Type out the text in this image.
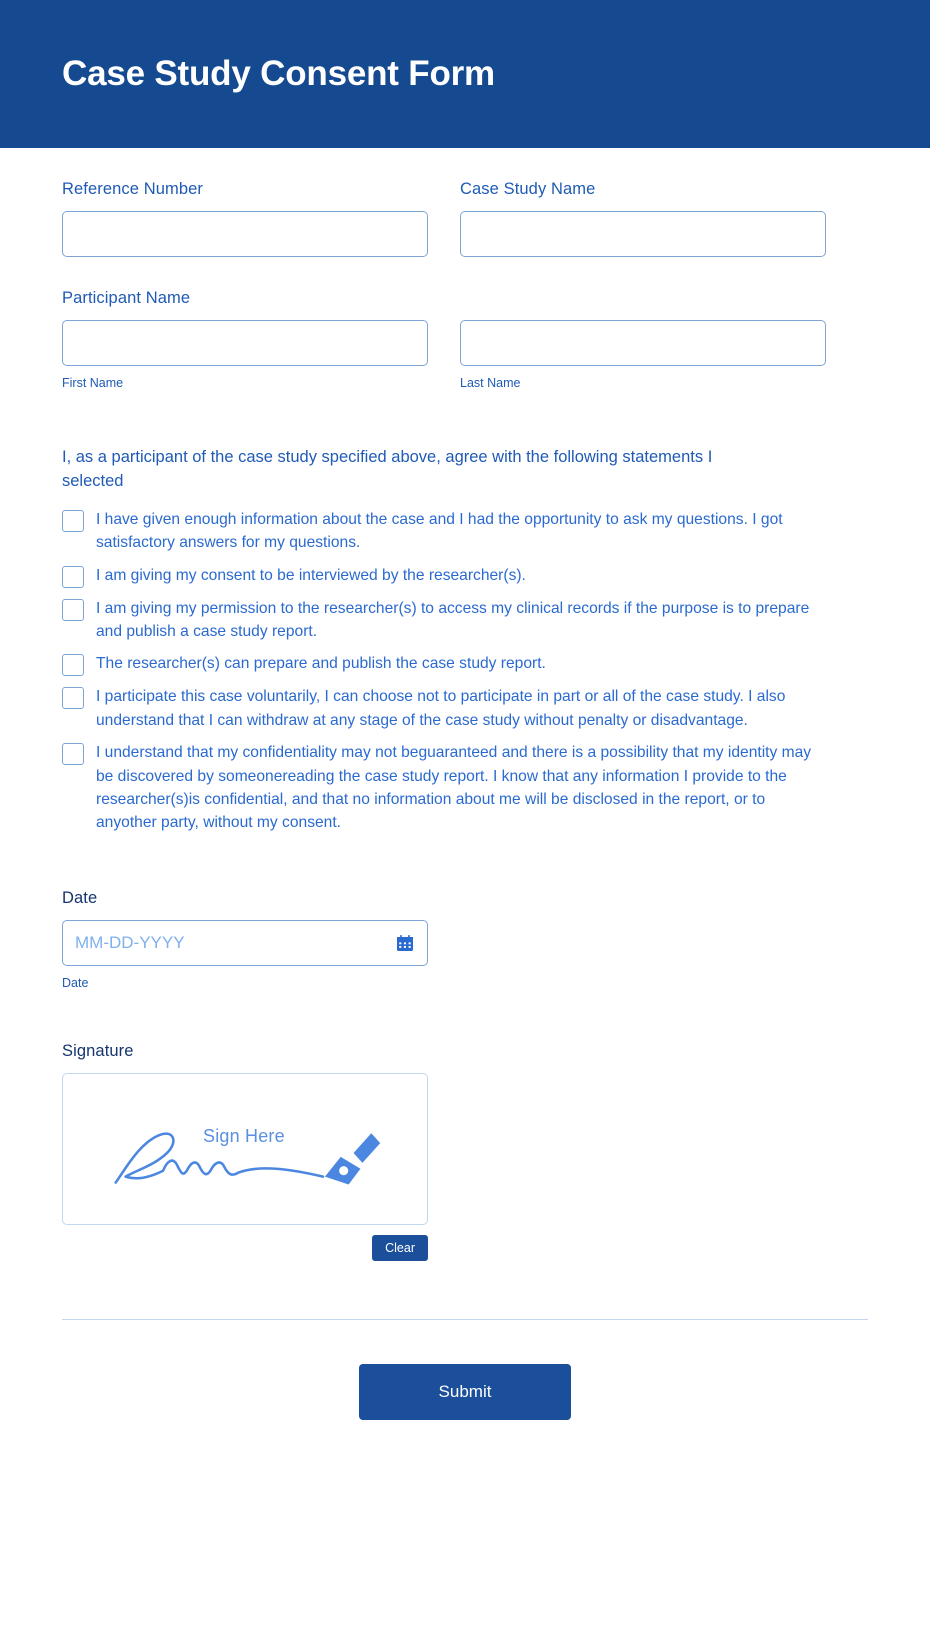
Case Study Consent Form
Reference Number	Case Study Name
Participant Name
First Name	Last Name
I, as a participant of the case study specified above, agree with the following statements I selected
I have given enough information about the case and I had the opportunity to ask my questions. I got satisfactory answers for my questions.
I am giving my consent to be interviewed by the researcher(s).
I am giving my permission to the researcher(s) to access my clinical records if the purpose is to prepare and publish a case study report.
The researcher(s) can prepare and publish the case study report.
I participate this case voluntarily, I can choose not to participate in part or all of the case study. I also understand that I can withdraw at any stage of the case study without penalty or disadvantage.
I understand that my confidentiality may not beguaranteed and there is a possibility that my identity may be discovered by someonereading the case study report. I know that any information I provide to the researcher(s)is confidential, and that no information about me will be disclosed in the report, or to anyother party, without my consent.
Date
MM-DD-YYYY
Date
Signature
Sign Here
Clear
Submit
